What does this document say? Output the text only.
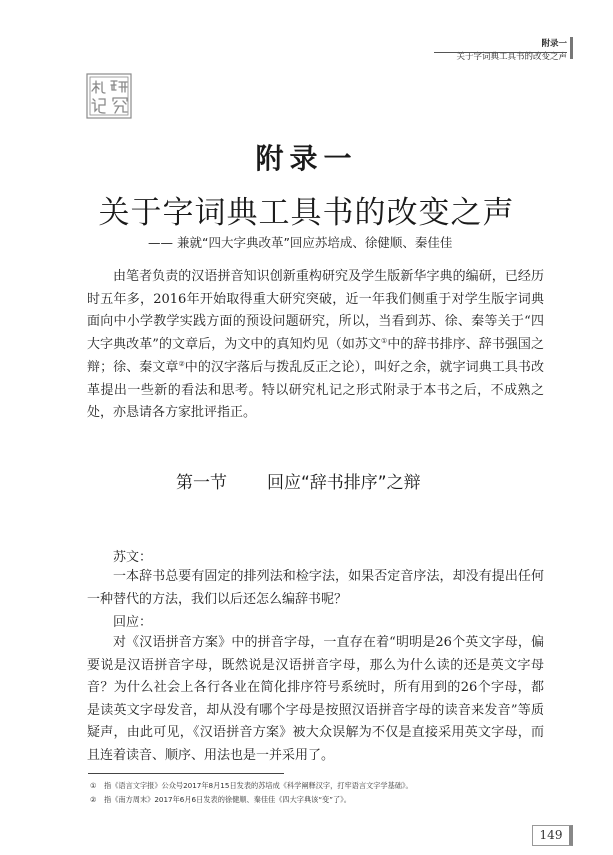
附录一
关于字词典工具书的改变之声
附录一
关于字词典工具书的改变之声
—— 兼就“四大字典改革”回应苏培成、徐健顺、秦佳佳

由笔者负责的汉语拼音知识创新重构研究及学生版新华字典的编研，已经历时五年多，2016年开始取得重大研究突破，近一年我们侧重于对学生版字词典面向中小学教学实践方面的预设问题研究，所以，当看到苏、徐、秦等关于“四大字典改革”的文章后，为文中的真知灼见（如苏文①中的辞书排序、辞书强国之辩；徐、秦文章②中的汉字落后与拨乱反正之论），叫好之余，就字词典工具书改革提出一些新的看法和思考。特以研究札记之形式附录于本书之后，不成熟之处，亦恳请各方家批评指正。

第一节 回应“辞书排序”之辩
苏文：

一本辞书总要有固定的排列法和检字法，如果否定音序法，却没有提出任何一种替代的方法，我们以后还怎么编辞书呢？

回应：

对《汉语拼音方案》中的拼音字母，一直存在着“明明是26个英文字母，偏要说是汉语拼音字母，既然说是汉语拼音字母，那么为什么读的还是英文字母音？为什么社会上各行各业在简化排序符号系统时，所有用到的26个字母，都是读英文字母发音，却从没有哪个字母是按照汉语拼音字母的读音来发音”等质疑声，由此可见，《汉语拼音方案》被大众误解为不仅是直接采用英文字母，而且连着读音、顺序、用法也是一并采用了。

① 指《语言文字报》公众号2017年8月15日发表的苏培成《科学阐释汉字，打牢语言文字学基础》。
② 指《南方周末》2017年6月6日发表的徐健顺、秦佳佳《四大字典该“变”了》。
149
